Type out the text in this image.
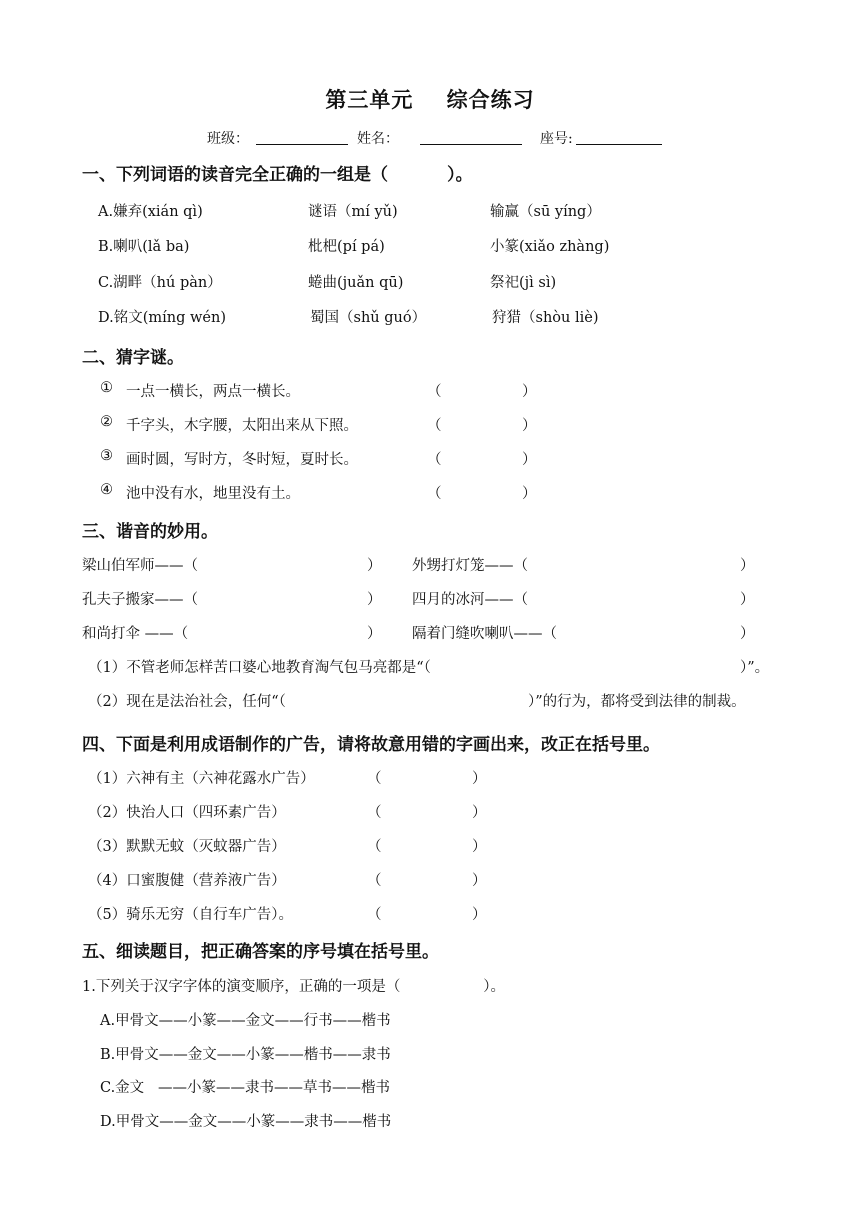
第三单元    综合练习
班级：	姓名：	座号:
一、下列词语的读音完全正确的一组是（          ）。
A.嫌弃(xián qì)	谜语（mí yǔ)	输赢（sū yíng）
B.喇叭(lǎ ba)	枇杷(pí pá)	小篆(xiǎo zhàng)
C.湖畔（hú pàn）	蜷曲(juǎn qū)	祭祀(jì sì)
D.铭文(míng wén)	蜀国（shǔ guó）	狩猎（shòu liè)
二、猜字谜。
① 一点一横长，两点一横长。	（	）
② 千字头，木字腰，太阳出来从下照。	（	）
③ 画时圆，写时方，冬时短，夏时长。	（	）
④ 池中没有水，地里没有土。	（	）
三、谐音的妙用。
梁山伯军师——（	） 外甥打灯笼——（	）
孔夫子搬家——（	） 四月的冰河——（	）
和尚打伞 ——（	） 隔着门缝吹喇叭——（	）
（1）不管老师怎样苦口婆心地教育淘气包马亮都是“（	）”。
（2）现在是法治社会，任何“（	）”的行为，都将受到法律的制裁。
四、下面是利用成语制作的广告，请将故意用错的字画出来，改正在括号里。
（1）六神有主（六神花露水广告）	（	）
（2）快治人口（四环素广告）	（	）
（3）默默无蚊（灭蚊器广告）	（	）
（4）口蜜腹健（营养液广告）	（	）
（5）骑乐无穷（自行车广告）。	（	）
五、细读题目，把正确答案的序号填在括号里。
1.下列关于汉字字体的演变顺序，正确的一项是（                  ）。
A.甲骨文——小篆——金文——行书——楷书
B.甲骨文——金文——小篆——楷书——隶书
C.金文   ——小篆——隶书——草书——楷书
D.甲骨文——金文——小篆——隶书——楷书
